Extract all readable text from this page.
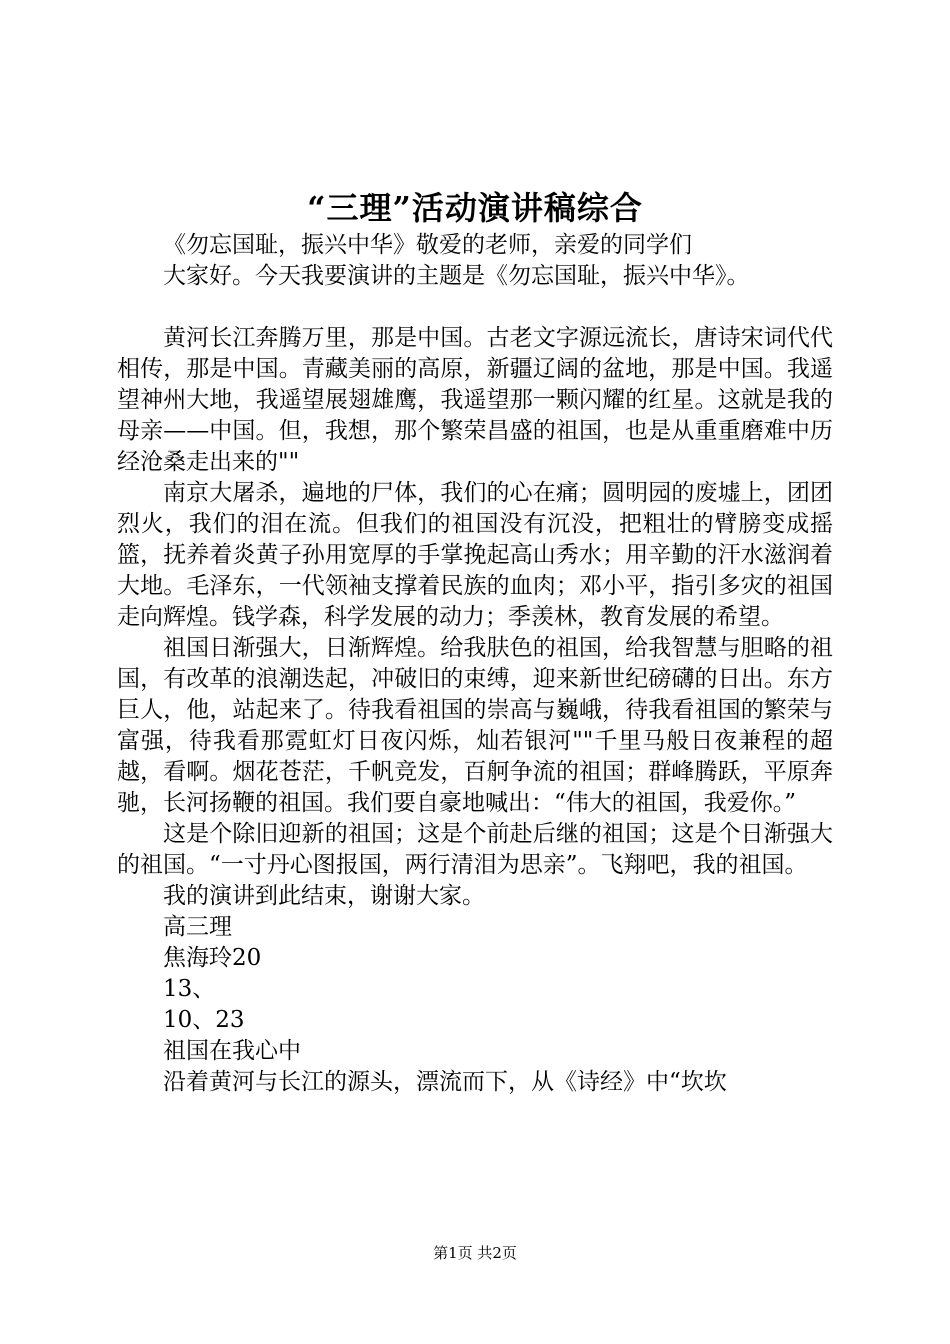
“三理”活动演讲稿综合

《勿忘国耻，振兴中华》敬爱的老师，亲爱的同学们

大家好。今天我要演讲的主题是《勿忘国耻，振兴中华》。

黄河长江奔腾万里，那是中国。古老文字源远流长，唐诗宋词代代相传，那是中国。青藏美丽的高原，新疆辽阔的盆地，那是中国。我遥望神州大地，我遥望展翅雄鹰，我遥望那一颗闪耀的红星。这就是我的母亲——中国。但，我想，那个繁荣昌盛的祖国，也是从重重磨难中历经沧桑走出来的""

南京大屠杀，遍地的尸体，我们的心在痛；圆明园的废墟上，团团烈火，我们的泪在流。但我们的祖国没有沉没，把粗壮的臂膀变成摇篮，抚养着炎黄子孙用宽厚的手掌挽起高山秀水；用辛勤的汗水滋润着大地。毛泽东，一代领袖支撑着民族的血肉；邓小平，指引多灾的祖国走向辉煌。钱学森，科学发展的动力；季羡林，教育发展的希望。

祖国日渐强大，日渐辉煌。给我肤色的祖国，给我智慧与胆略的祖国，有改革的浪潮迭起，冲破旧的束缚，迎来新世纪磅礴的日出。东方巨人，他，站起来了。待我看祖国的崇高与巍峨，待我看祖国的繁荣与富强，待我看那霓虹灯日夜闪烁，灿若银河""千里马般日夜兼程的超越，看啊。烟花苍茫，千帆竞发，百舸争流的祖国；群峰腾跃，平原奔驰，长河扬鞭的祖国。我们要自豪地喊出：“伟大的祖国，我爱你。”

这是个除旧迎新的祖国；这是个前赴后继的祖国；这是个日渐强大的祖国。“一寸丹心图报国，两行清泪为思亲”。飞翔吧，我的祖国。

我的演讲到此结束，谢谢大家。

高三理

焦海玲20

13、

10、23

祖国在我心中

沿着黄河与长江的源头，漂流而下，从《诗经》中“坎坎

第1页 共2页
